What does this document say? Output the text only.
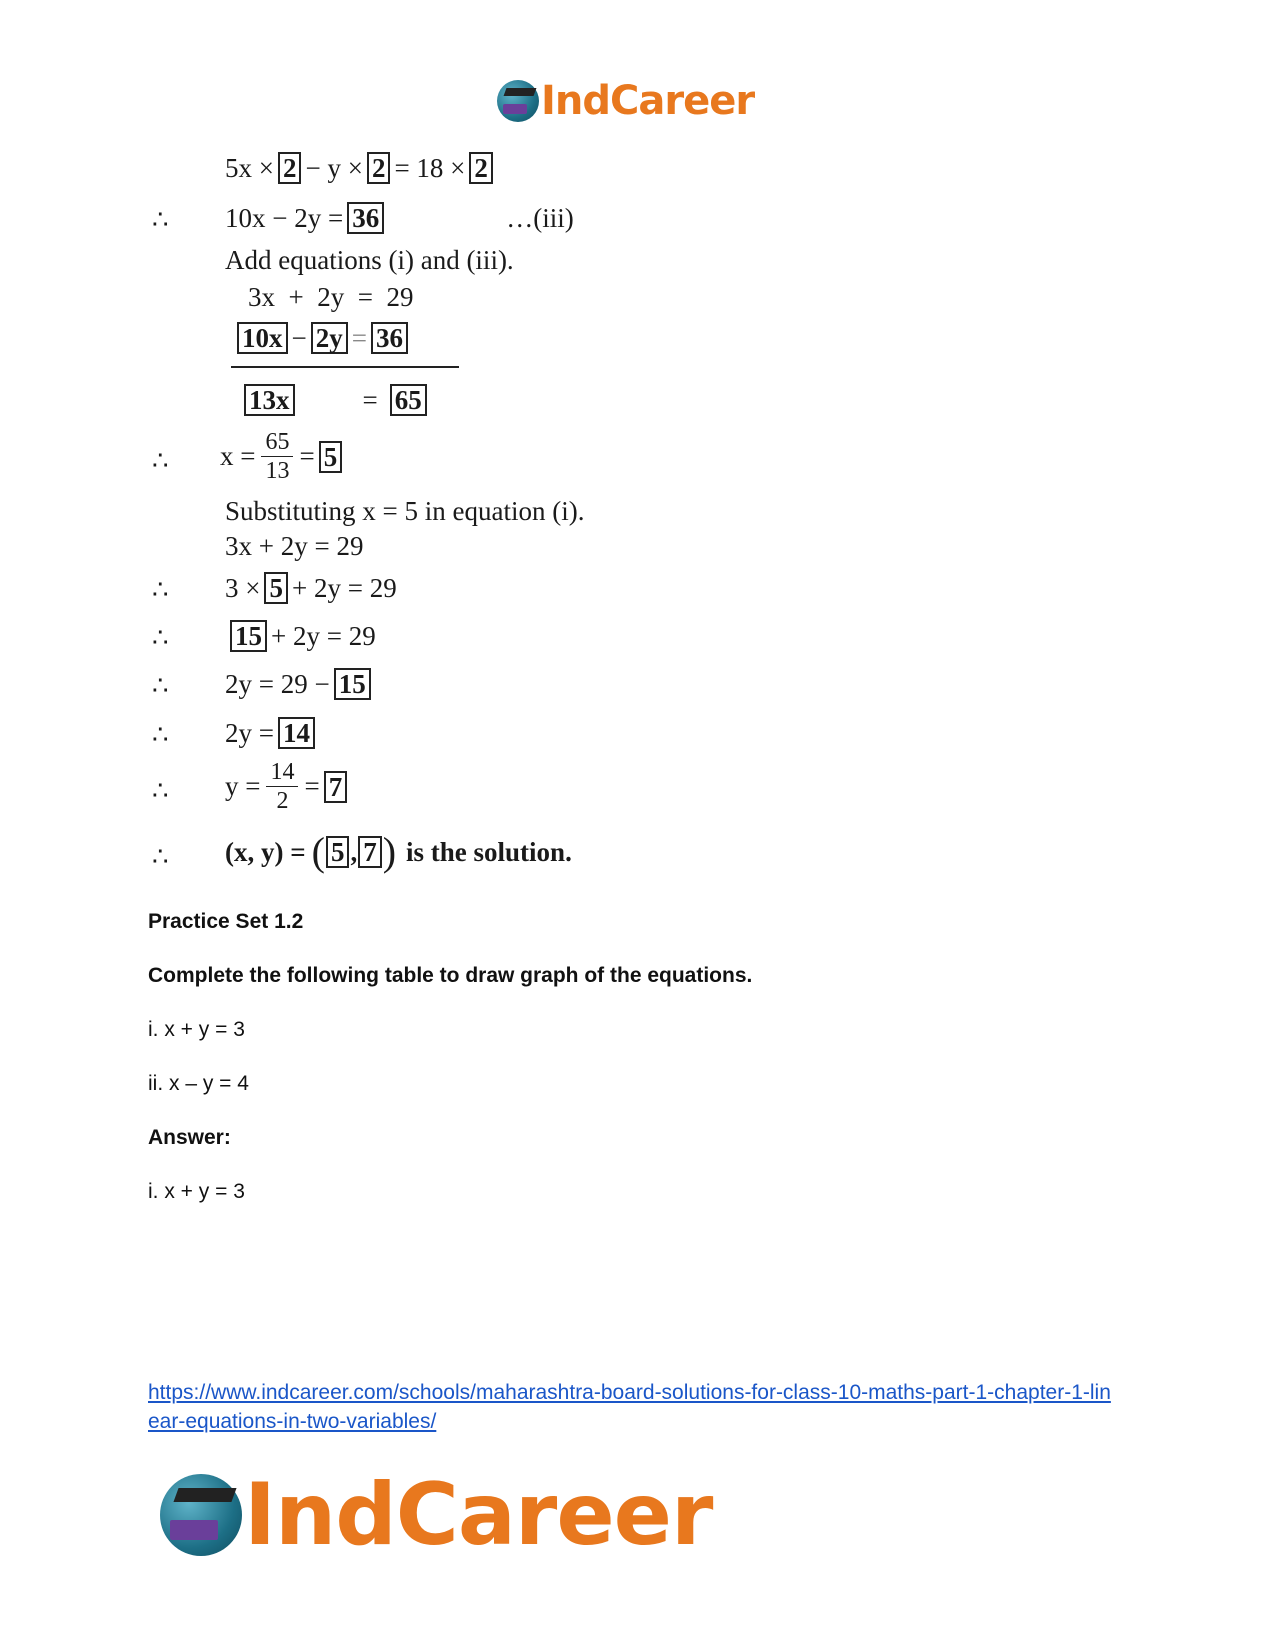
IndCareer
5x × 2 − y × 2 = 18 × 2
∴ 10x − 2y = 36	…(iii)
Add equations (i) and (iii).
3x  +  2y  =  29
10x − 2y = 36
13x	= 65
∴ $x = \frac{65}{13} = 5$
Substituting x = 5 in equation (i).
3x + 2y = 29
∴ 3 × 5 + 2y = 29
∴ 15 + 2y = 29
∴ 2y = 29 − 15
∴ 2y = 14
∴ $y = \frac{14}{2} = 7$
∴ (x, y) = ( 5 , 7 ) is the solution.
Practice Set 1.2
Complete the following table to draw graph of the equations.
i. x + y = 3
ii. x – y = 4
Answer:
i. x + y = 3
https://www.indcareer.com/schools/maharashtra-board-solutions-for-class-10-maths-part-1-chapter-1-linear-equations-in-two-variables/
IndCareer
